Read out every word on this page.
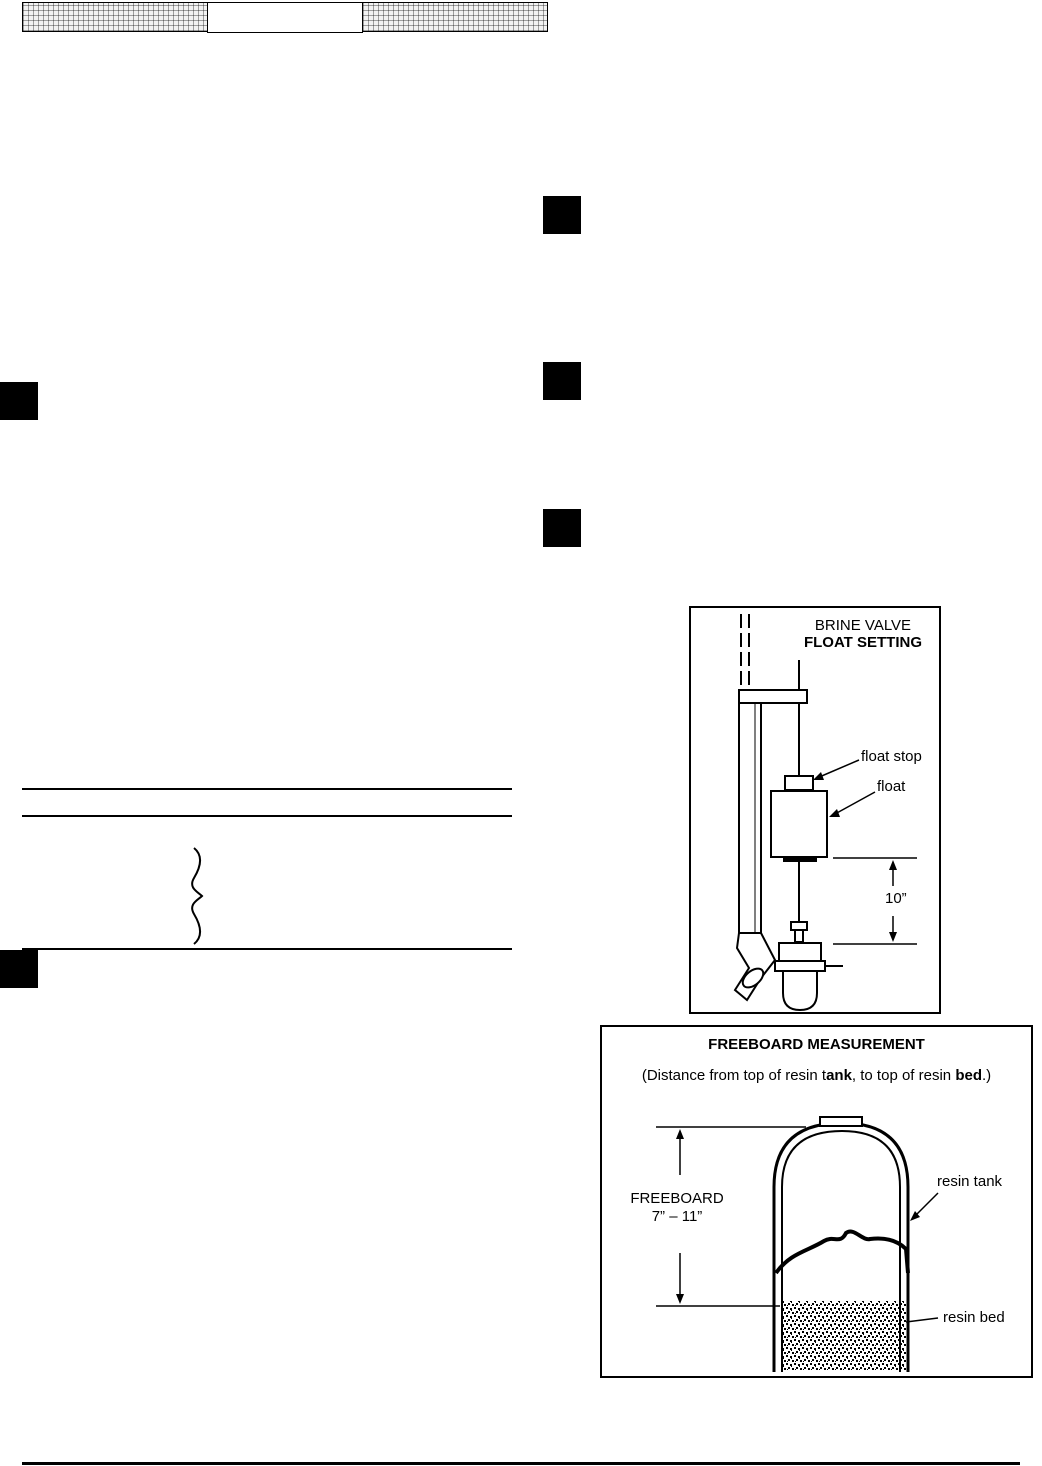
BRINE VALVE
FLOAT SETTING
float stop
float
10”
FREEBOARD MEASUREMENT
(Distance from top of resin tank, to top of resin bed.)
FREEBOARD
7” – 11”
resin tank
resin bed
